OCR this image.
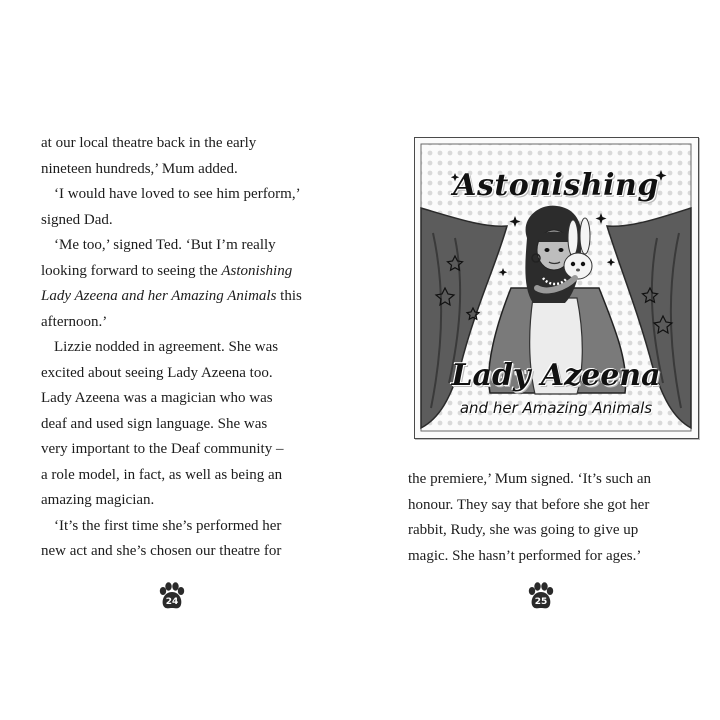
at our local theatre back in the early
nineteen hundreds,’ Mum added.
‘I would have loved to see him perform,’
signed Dad.
‘Me too,’ signed Ted. ‘But I’m really
looking forward to seeing the Astonishing
Lady Azeena and her Amazing Animals this
afternoon.’
Lizzie nodded in agreement. She was
excited about seeing Lady Azeena too.
Lady Azeena was a magician who was
deaf and used sign language. She was
very important to the Deaf community –
a role model, in fact, as well as being an
amazing magician.
‘It’s the first time she’s performed her
new act and she’s chosen our theatre for
24	25
Astonishing
Lady Azeena
and her Amazing Animals
the premiere,’ Mum signed. ‘It’s such an
honour. They say that before she got her
rabbit, Rudy, she was going to give up
magic. She hasn’t performed for ages.’
